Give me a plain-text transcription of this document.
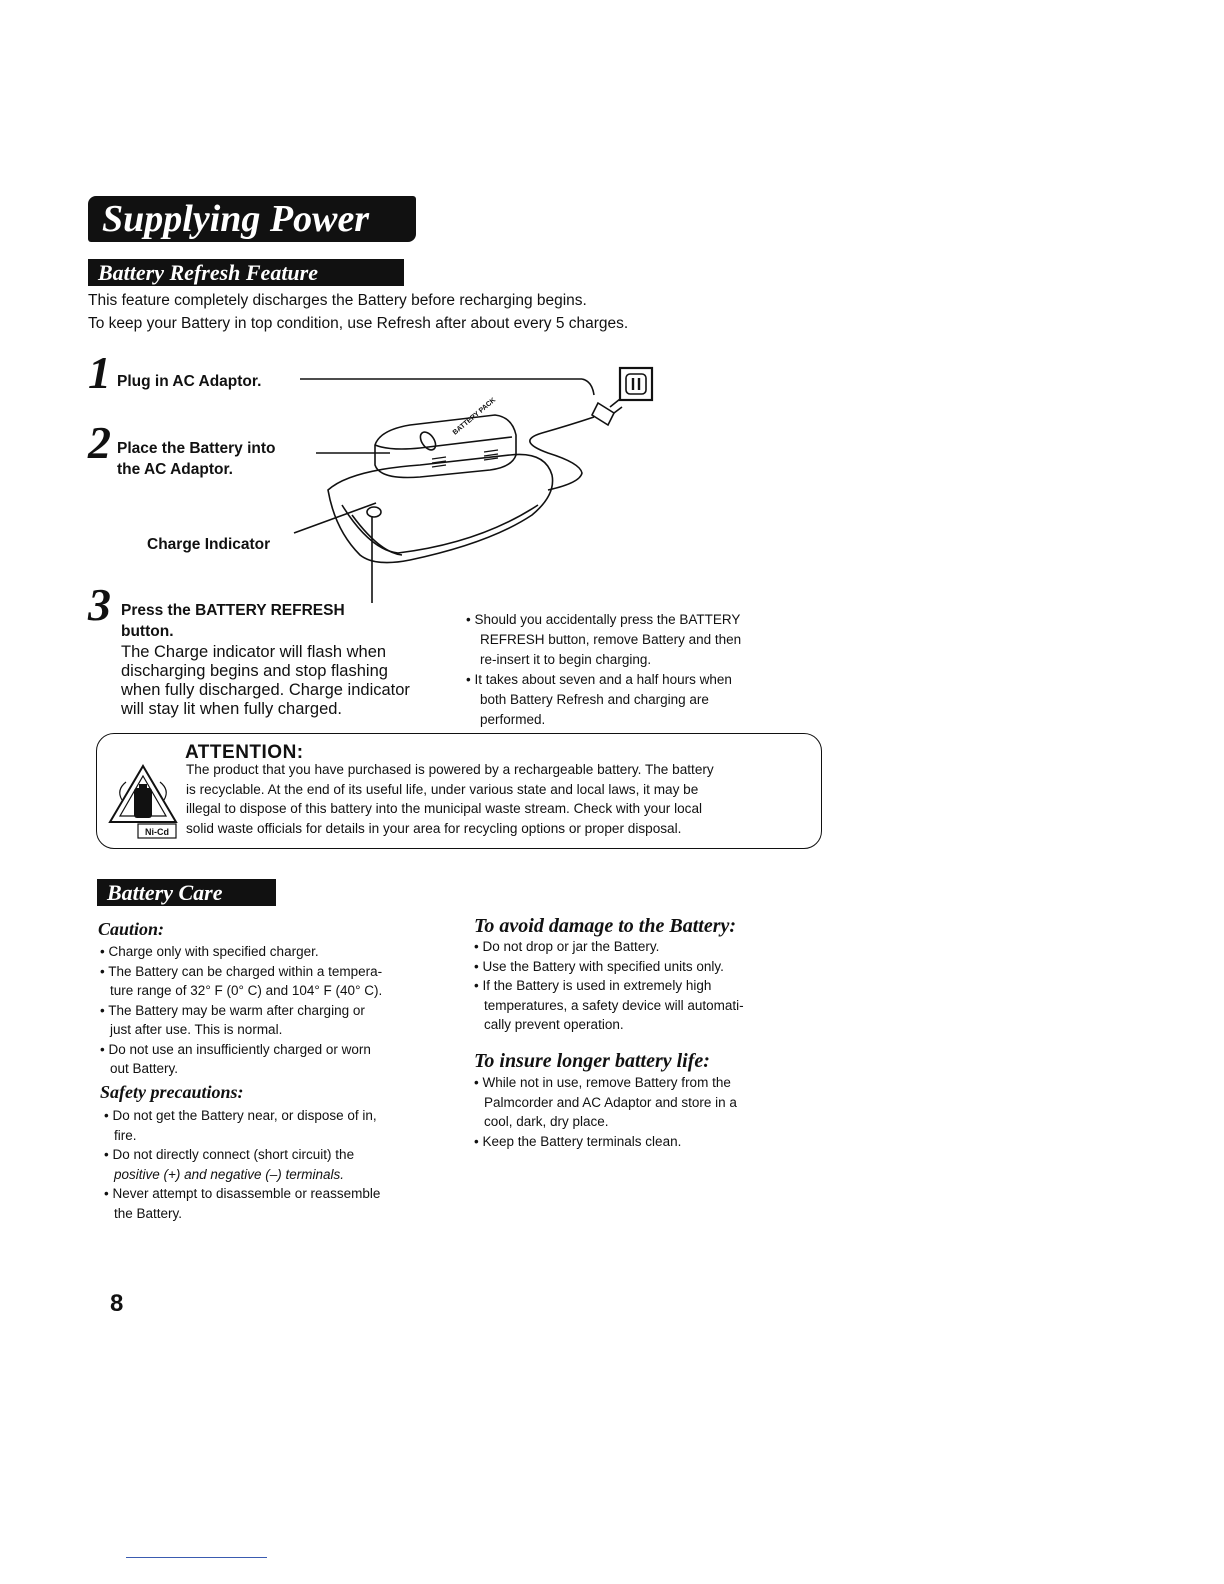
Supplying Power
Battery Refresh Feature
This feature completely discharges the Battery before recharging begins.
To keep your Battery in top condition, use Refresh after about every 5 charges.
1 Plug in AC Adaptor.
2 Place the Battery into
the AC Adaptor.
BATTERY PACK
Charge Indicator
3 Press the BATTERY REFRESH
button.
The Charge indicator will flash when
discharging begins and stop flashing
when fully discharged. Charge indicator
will stay lit when fully charged.
• Should you accidentally press the BATTERY
REFRESH button, remove Battery and then
re-insert it to begin charging.
• It takes about seven and a half hours when
both Battery Refresh and charging are
performed.
Ni-Cd
ATTENTION:
The product that you have purchased is powered by a rechargeable battery. The battery
is recyclable. At the end of its useful life, under various state and local laws, it may be
illegal to dispose of this battery into the municipal waste stream. Check with your local
solid waste officials for details in your area for recycling options or proper disposal.
Battery Care
Caution:
• Charge only with specified charger.
• The Battery can be charged within a tempera-
ture range of 32° F (0° C) and 104° F (40° C).
• The Battery may be warm after charging or
just after use. This is normal.
• Do not use an insufficiently charged or worn
out Battery.
Safety precautions:
• Do not get the Battery near, or dispose of in,
fire.
• Do not directly connect (short circuit) the
positive (+) and negative (–) terminals.
• Never attempt to disassemble or reassemble
the Battery.
To avoid damage to the Battery:
• Do not drop or jar the Battery.
• Use the Battery with specified units only.
• If the Battery is used in extremely high
temperatures, a safety device will automati-
cally prevent operation.
To insure longer battery life:
• While not in use, remove Battery from the
Palmcorder and AC Adaptor and store in a
cool, dark, dry place.
• Keep the Battery terminals clean.
8
